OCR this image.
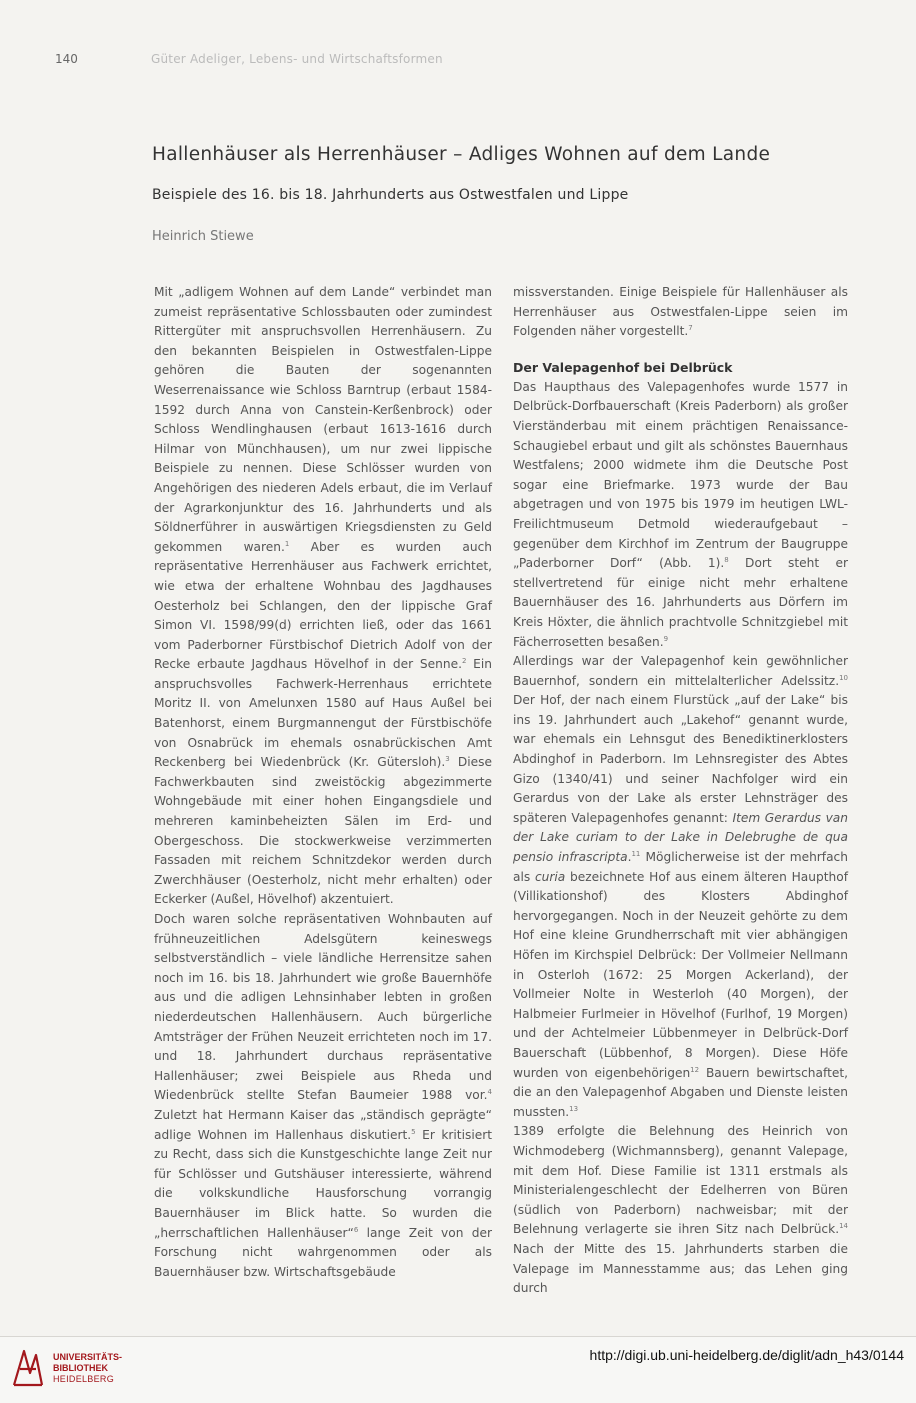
140	Güter Adeliger, Lebens- und Wirtschaftsformen
Hallenhäuser als Herrenhäuser – Adliges Wohnen auf dem Lande
Beispiele des 16. bis 18. Jahrhunderts aus Ostwestfalen und Lippe
Heinrich Stiewe

Mit „adligem Wohnen auf dem Lande“ verbindet man zumeist repräsentative Schlossbauten oder zumindest Rittergüter mit anspruchsvollen Herrenhäusern. Zu den bekannten Beispielen in Ostwestfalen-Lippe gehören die Bauten der sogenannten Weserrenaissance wie Schloss Barntrup (erbaut 1584-1592 durch Anna von Canstein-Kerßenbrock) oder Schloss Wendlinghausen (erbaut 1613-1616 durch Hilmar von Münchhausen), um nur zwei lippische Beispiele zu nennen. Diese Schlösser wurden von Angehörigen des niederen Adels erbaut, die im Verlauf der Agrarkonjunktur des 16. Jahrhunderts und als Söldnerführer in auswärtigen Kriegsdiensten zu Geld gekommen waren.$^1$ Aber es wurden auch repräsentative Herrenhäuser aus Fachwerk errichtet, wie etwa der erhaltene Wohnbau des Jagdhauses Oesterholz bei Schlangen, den der lippische Graf Simon VI. 1598/99(d) errichten ließ, oder das 1661 vom Paderborner Fürstbischof Dietrich Adolf von der Recke erbaute Jagdhaus Hövelhof in der Senne.$^2$ Ein anspruchsvolles Fachwerk-Herrenhaus errichtete Moritz II. von Amelunxen 1580 auf Haus Außel bei Batenhorst, einem Burgmannengut der Fürstbischöfe von Osnabrück im ehemals osnabrückischen Amt Reckenberg bei Wiedenbrück (Kr. Gütersloh).$^3$ Diese Fachwerkbauten sind zweistöckig abgezimmerte Wohngebäude mit einer hohen Eingangsdiele und mehreren kaminbeheizten Sälen im Erd- und Obergeschoss. Die stockwerkweise verzimmerten Fassaden mit reichem Schnitzdekor werden durch Zwerchhäuser (Oesterholz, nicht mehr erhalten) oder Eckerker (Außel, Hövelhof) akzentuiert.

Doch waren solche repräsentativen Wohnbauten auf frühneuzeitlichen Adelsgütern keineswegs selbstverständlich – viele ländliche Herrensitze sahen noch im 16. bis 18. Jahrhundert wie große Bauernhöfe aus und die adligen Lehnsinhaber lebten in großen niederdeutschen Hallenhäusern. Auch bürgerliche Amtsträger der Frühen Neuzeit errichteten noch im 17. und 18. Jahrhundert durchaus repräsentative Hallenhäuser; zwei Beispiele aus Rheda und Wiedenbrück stellte Stefan Baumeier 1988 vor.$^4$ Zuletzt hat Hermann Kaiser das „ständisch geprägte“ adlige Wohnen im Hallenhaus diskutiert.$^5$ Er kritisiert zu Recht, dass sich die Kunstgeschichte lange Zeit nur für Schlösser und Gutshäuser interessierte, während die volkskundliche Hausforschung vorrangig Bauernhäuser im Blick hatte. So wurden die „herrschaftlichen Hallenhäuser“$^6$ lange Zeit von der Forschung nicht wahrgenommen oder als Bauernhäuser bzw. Wirtschaftsgebäude

missverstanden. Einige Beispiele für Hallenhäuser als Herrenhäuser aus Ostwestfalen-Lippe seien im Folgenden näher vorgestellt.$^7$

Der Valepagenhof bei Delbrück

Das Haupthaus des Valepagenhofes wurde 1577 in Delbrück-Dorfbauerschaft (Kreis Paderborn) als großer Vierständerbau mit einem prächtigen Renaissance-Schaugiebel erbaut und gilt als schönstes Bauernhaus Westfalens; 2000 widmete ihm die Deutsche Post sogar eine Briefmarke. 1973 wurde der Bau abgetragen und von 1975 bis 1979 im heutigen LWL-Freilichtmuseum Detmold wiederaufgebaut – gegenüber dem Kirchhof im Zentrum der Baugruppe „Paderborner Dorf“ (Abb. 1).$^8$ Dort steht er stellvertretend für einige nicht mehr erhaltene Bauernhäuser des 16. Jahrhunderts aus Dörfern im Kreis Höxter, die ähnlich prachtvolle Schnitzgiebel mit Fächerrosetten besaßen.$^9$

Allerdings war der Valepagenhof kein gewöhnlicher Bauernhof, sondern ein mittelalterlicher Adelssitz.$^{10}$ Der Hof, der nach einem Flurstück „auf der Lake“ bis ins 19. Jahrhundert auch „Lakehof“ genannt wurde, war ehemals ein Lehnsgut des Benediktinerklosters Abdinghof in Paderborn. Im Lehnsregister des Abtes Gizo (1340/41) und seiner Nachfolger wird ein Gerardus von der Lake als erster Lehnsträger des späteren Valepagenhofes genannt: Item Gerardus van der Lake curiam to der Lake in Delebrughe de qua pensio infrascripta.$^{11}$ Möglicherweise ist der mehrfach als curia bezeichnete Hof aus einem älteren Haupthof (Villikationshof) des Klosters Abdinghof hervorgegangen. Noch in der Neuzeit gehörte zu dem Hof eine kleine Grundherrschaft mit vier abhängigen Höfen im Kirchspiel Delbrück: Der Vollmeier Nellmann in Osterloh (1672: 25 Morgen Ackerland), der Vollmeier Nolte in Westerloh (40 Morgen), der Halbmeier Furlmeier in Hövelhof (Furlhof, 19 Morgen) und der Achtelmeier Lübbenmeyer in Delbrück-Dorf Bauerschaft (Lübbenhof, 8 Morgen). Diese Höfe wurden von eigenbehörigen$^{12}$ Bauern bewirtschaftet, die an den Valepagenhof Abgaben und Dienste leisten mussten.$^{13}$

1389 erfolgte die Belehnung des Heinrich von Wichmodeberg (Wichmannsberg), genannt Valepage, mit dem Hof. Diese Familie ist 1311 erstmals als Ministerialengeschlecht der Edelherren von Büren (südlich von Paderborn) nachweisbar; mit der Belehnung verlagerte sie ihren Sitz nach Delbrück.$^{14}$ Nach der Mitte des 15. Jahrhunderts starben die Valepage im Mannesstamme aus; das Lehen ging durch

UNIVERSITÄTS-
BIBLIOTHEK
HEIDELBERG
http://digi.ub.uni-heidelberg.de/diglit/adn_h43/0144
